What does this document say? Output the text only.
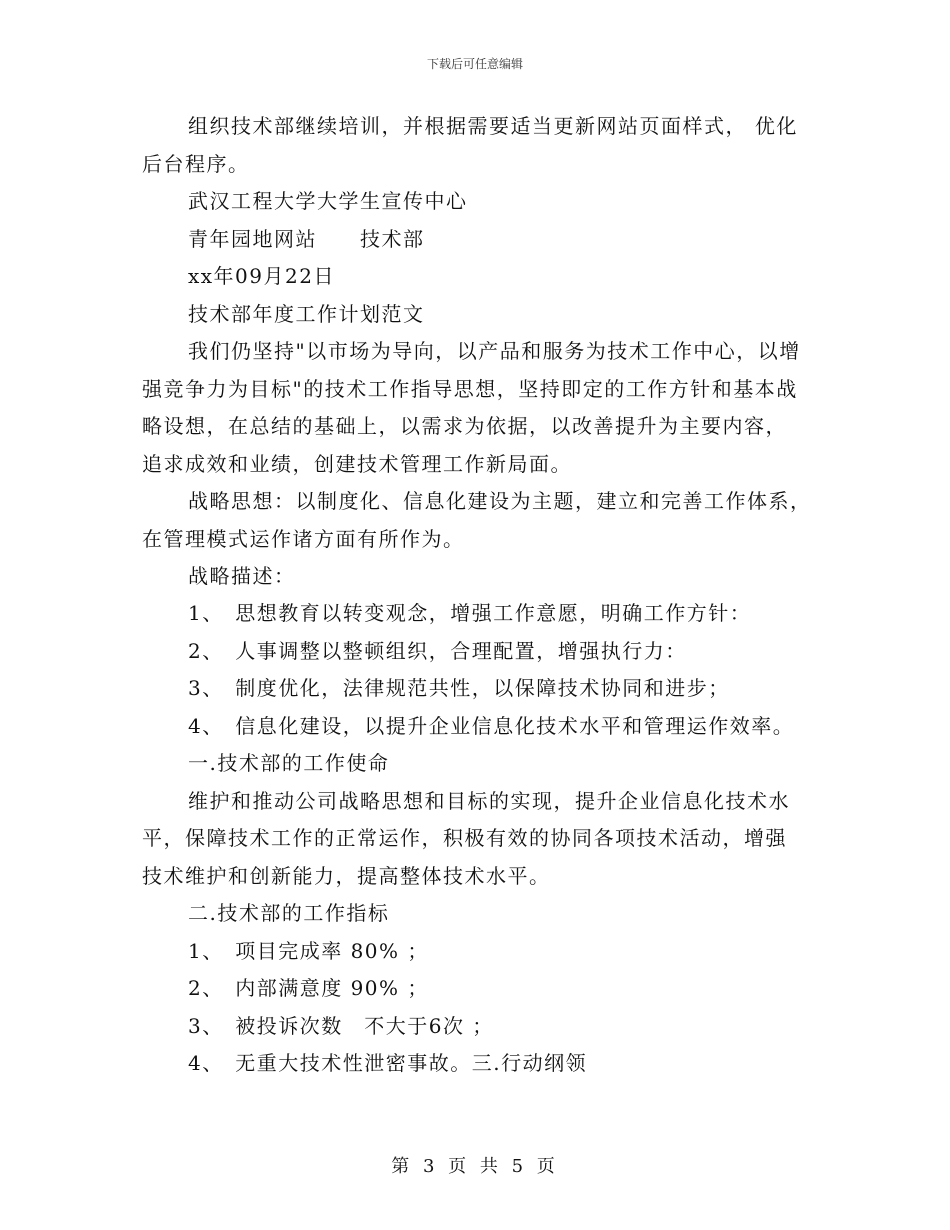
下载后可任意编辑
组织技术部继续培训，并根据需要适当更新网站页面样式， 优化
后台程序。
武汉工程大学大学生宣传中心
青年园地网站　　技术部
xx年09月22日
技术部年度工作计划范文
我们仍坚持"以市场为导向，以产品和服务为技术工作中心，以增
强竞争力为目标"的技术工作指导思想，坚持即定的工作方针和基本战
略设想，在总结的基础上，以需求为依据，以改善提升为主要内容，
追求成效和业绩，创建技术管理工作新局面。
战略思想：以制度化、信息化建设为主题，建立和完善工作体系，
在管理模式运作诸方面有所作为。
战略描述：
1、　思想教育以转变观念，增强工作意愿，明确工作方针：
2、　人事调整以整顿组织，合理配置，增强执行力：
3、　制度优化，法律规范共性，以保障技术协同和进步；
4、　信息化建设，以提升企业信息化技术水平和管理运作效率。
一.技术部的工作使命
维护和推动公司战略思想和目标的实现，提升企业信息化技术水
平，保障技术工作的正常运作，积极有效的协同各项技术活动，增强
技术维护和创新能力，提高整体技术水平。
二.技术部的工作指标
1、　项目完成率 80% ；
2、　内部满意度 90% ；
3、　被投诉次数　不大于6次 ；
4、　无重大技术性泄密事故。三.行动纲领
第 3 页 共 5 页
